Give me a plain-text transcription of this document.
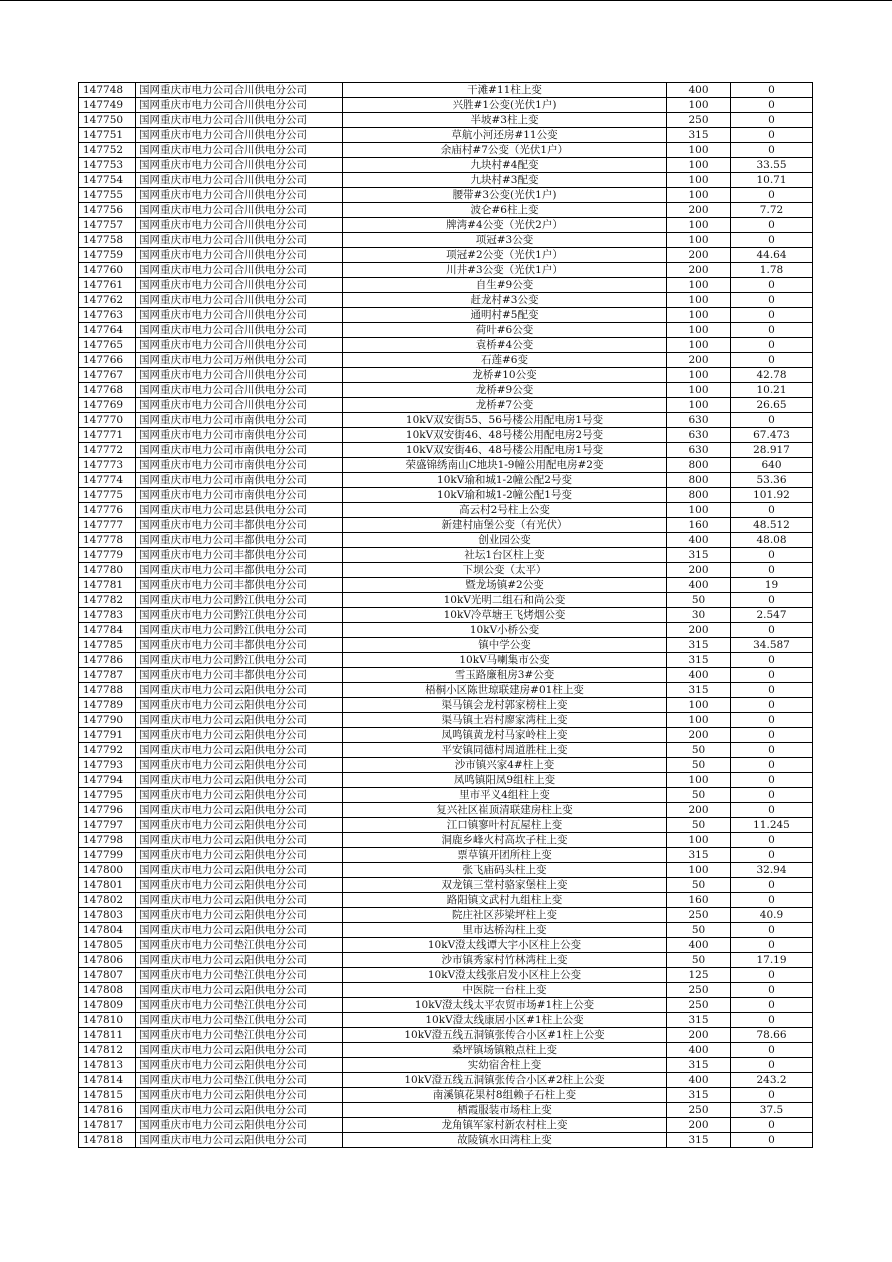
147748	国网重庆市电力公司合川供电分公司	干滩#11柱上变	400	0
147749	国网重庆市电力公司合川供电分公司	兴胜#1公变(光伏1户)	100	0
147750	国网重庆市电力公司合川供电分公司	半坡#3柱上变	250	0
147751	国网重庆市电力公司合川供电分公司	草航小河还房#11公变	315	0
147752	国网重庆市电力公司合川供电分公司	余庙村#7公变（光伏1户）	100	0
147753	国网重庆市电力公司合川供电分公司	九块村#4配变	100	33.55
147754	国网重庆市电力公司合川供电分公司	九块村#3配变	100	10.71
147755	国网重庆市电力公司合川供电分公司	腰带#3公变(光伏1户)	100	0
147756	国网重庆市电力公司合川供电分公司	波仑#6柱上变	200	7.72
147757	国网重庆市电力公司合川供电分公司	牌湾#4公变（光伏2户）	100	0
147758	国网重庆市电力公司合川供电分公司	项冠#3公变	100	0
147759	国网重庆市电力公司合川供电分公司	项冠#2公变（光伏1户）	200	44.64
147760	国网重庆市电力公司合川供电分公司	川井#3公变（光伏1户）	200	1.78
147761	国网重庆市电力公司合川供电分公司	自生#9公变	100	0
147762	国网重庆市电力公司合川供电分公司	赶龙村#3公变	100	0
147763	国网重庆市电力公司合川供电分公司	通明村#5配变	100	0
147764	国网重庆市电力公司合川供电分公司	荷叶#6公变	100	0
147765	国网重庆市电力公司合川供电分公司	袁桥#4公变	100	0
147766	国网重庆市电力公司万州供电分公司	石莲#6变	200	0
147767	国网重庆市电力公司合川供电分公司	龙桥#10公变	100	42.78
147768	国网重庆市电力公司合川供电分公司	龙桥#9公变	100	10.21
147769	国网重庆市电力公司合川供电分公司	龙桥#7公变	100	26.65
147770	国网重庆市电力公司市南供电分公司	10kV双安街55、56号楼公用配电房1号变	630	0
147771	国网重庆市电力公司市南供电分公司	10kV双安街46、48号楼公用配电房2号变	630	67.473
147772	国网重庆市电力公司市南供电分公司	10kV双安街46、48号楼公用配电房1号变	630	28.917
147773	国网重庆市电力公司市南供电分公司	荣盛锦绣南山C地块1-9幢公用配电房#2变	800	640
147774	国网重庆市电力公司市南供电分公司	10kV瑜和城1-2幢公配2号变	800	53.36
147775	国网重庆市电力公司市南供电分公司	10kV瑜和城1-2幢公配1号变	800	101.92
147776	国网重庆市电力公司忠县供电分公司	高云村2号柱上公变	100	0
147777	国网重庆市电力公司丰都供电分公司	新建村庙堡公变（有光伏）	160	48.512
147778	国网重庆市电力公司丰都供电分公司	创业园公变	400	48.08
147779	国网重庆市电力公司丰都供电分公司	社坛1台区柱上变	315	0
147780	国网重庆市电力公司丰都供电分公司	下坝公变（太平）	200	0
147781	国网重庆市电力公司丰都供电分公司	暨龙场镇#2公变	400	19
147782	国网重庆市电力公司黔江供电分公司	10kV光明二组石和尚公变	50	0
147783	国网重庆市电力公司黔江供电分公司	10kV冷草塘王飞烤烟公变	30	2.547
147784	国网重庆市电力公司黔江供电分公司	10kV小桥公变	200	0
147785	国网重庆市电力公司丰都供电分公司	镇中学公变	315	34.587
147786	国网重庆市电力公司黔江供电分公司	10kV马喇集市公变	315	0
147787	国网重庆市电力公司丰都供电分公司	雪玉路廉租房3#公变	400	0
147788	国网重庆市电力公司云阳供电分公司	梧桐小区陈世琼联建房#01柱上变	315	0
147789	国网重庆市电力公司云阳供电分公司	渠马镇会龙村郭家榜柱上变	100	0
147790	国网重庆市电力公司云阳供电分公司	渠马镇土岩村廖家湾柱上变	100	0
147791	国网重庆市电力公司云阳供电分公司	凤鸣镇黄龙村马家岭柱上变	200	0
147792	国网重庆市电力公司云阳供电分公司	平安镇同德村周道胜柱上变	50	0
147793	国网重庆市电力公司云阳供电分公司	沙市镇兴家4#柱上变	50	0
147794	国网重庆市电力公司云阳供电分公司	凤鸣镇阳凤9组柱上变	100	0
147795	国网重庆市电力公司云阳供电分公司	里市平义4组柱上变	50	0
147796	国网重庆市电力公司云阳供电分公司	复兴社区崔顶清联建房柱上变	200	0
147797	国网重庆市电力公司云阳供电分公司	江口镇寥叶村瓦屋柱上变	50	11.245
147798	国网重庆市电力公司云阳供电分公司	洞鹿乡峰火村高坎子柱上变	100	0
147799	国网重庆市电力公司云阳供电分公司	票草镇开团所柱上变	315	0
147800	国网重庆市电力公司云阳供电分公司	张飞庙码头柱上变	100	32.94
147801	国网重庆市电力公司云阳供电分公司	双龙镇三堂村骆家堡柱上变	50	0
147802	国网重庆市电力公司云阳供电分公司	路阳镇文武村九组柱上变	160	0
147803	国网重庆市电力公司云阳供电分公司	院庄社区莎梁坪柱上变	250	40.9
147804	国网重庆市电力公司云阳供电分公司	里市达桥沟柱上变	50	0
147805	国网重庆市电力公司垫江供电分公司	10kV澄太线谭大宇小区柱上公变	400	0
147806	国网重庆市电力公司云阳供电分公司	沙市镇秀家村竹林湾柱上变	50	17.19
147807	国网重庆市电力公司垫江供电分公司	10kV澄太线张启发小区柱上公变	125	0
147808	国网重庆市电力公司云阳供电分公司	中医院一台柱上变	250	0
147809	国网重庆市电力公司垫江供电分公司	10kV澄太线太平农贸市场#1柱上公变	250	0
147810	国网重庆市电力公司垫江供电分公司	10kV澄太线康居小区#1柱上公变	315	0
147811	国网重庆市电力公司垫江供电分公司	10kV澄五线五洞镇张传合小区#1柱上公变	200	78.66
147812	国网重庆市电力公司云阳供电分公司	桑坪镇场镇粮点柱上变	400	0
147813	国网重庆市电力公司云阳供电分公司	实幼宿舍柱上变	315	0
147814	国网重庆市电力公司垫江供电分公司	10kV澄五线五洞镇张传合小区#2柱上公变	400	243.2
147815	国网重庆市电力公司云阳供电分公司	南溪镇花果村8组赖子石柱上变	315	0
147816	国网重庆市电力公司云阳供电分公司	栖霞服装市场柱上变	250	37.5
147817	国网重庆市电力公司云阳供电分公司	龙角镇军家村新农村柱上变	200	0
147818	国网重庆市电力公司云阳供电分公司	故陵镇水田湾柱上变	315	0
